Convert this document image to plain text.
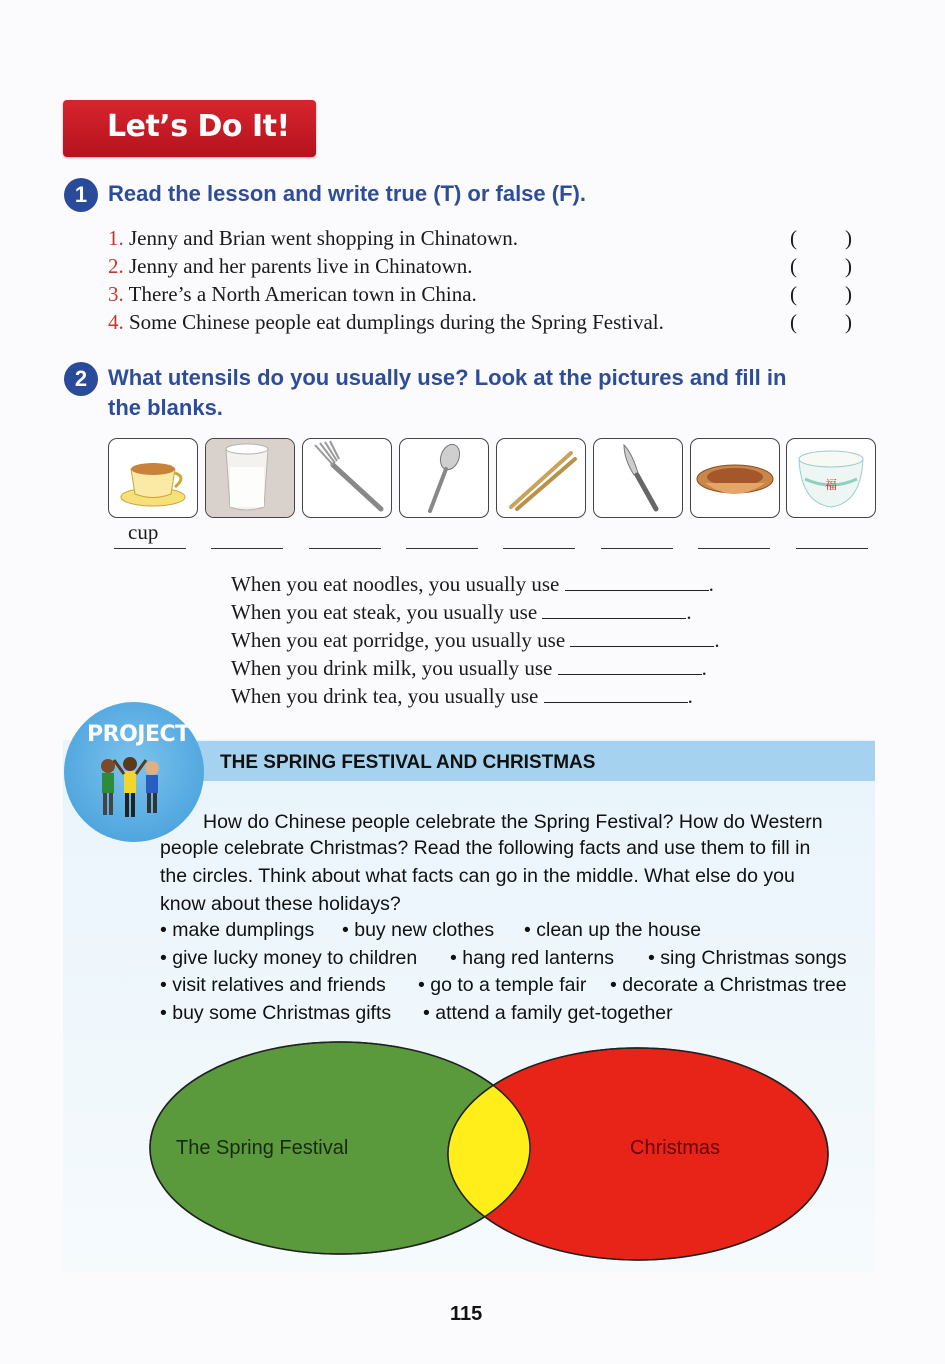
Let’s Do It!
1 Read the lesson and write true (T) or false (F).
1. Jenny and Brian went shopping in Chinatown.	( )
2. Jenny and her parents live in Chinatown.	( )
3. There’s a North American town in China.	( )
4. Some Chinese people eat dumplings during the Spring Festival.	( )
2 What utensils do you usually use? Look at the pictures and fill in
the blanks.
福
cup
When you eat noodles, you usually use	.
When you eat steak, you usually use	.
When you eat porridge, you usually use	.
When you drink milk, you usually use	.
When you drink tea, you usually use	.
THE SPRING FESTIVAL AND CHRISTMAS
PROJECT
How do Chinese people celebrate the Spring Festival? How do Western
people celebrate Christmas? Read the following facts and use them to fill in
the circles. Think about what facts can go in the middle. What else do you
know about these holidays?
• make dumplings • buy new clothes • clean up the house
• give lucky money to children • hang red lanterns • sing Christmas songs
• visit relatives and friends • go to a temple fair • decorate a Christmas tree
• buy some Christmas gifts • attend a family get-together
The Spring Festival	Christmas
115
